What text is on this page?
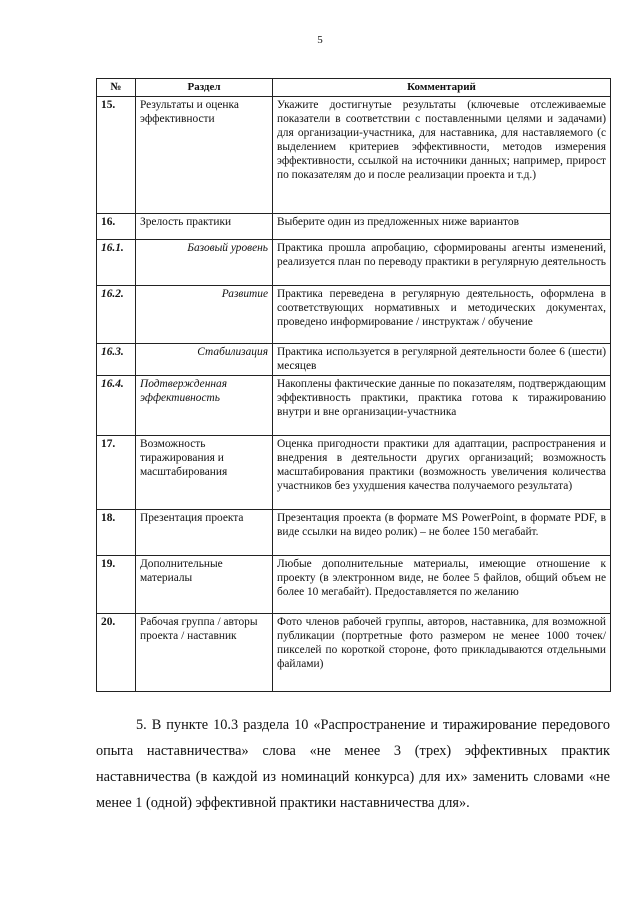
5
№	Раздел	Комментарий
15.	Результаты и оценка эффективности	Укажите достигнутые результаты (ключевые отслеживаемые показатели в соответствии с поставленными целями и задачами) для организации-участника, для наставника, для наставляемого (с выделением критериев эффективности, методов измерения эффективности, ссылкой на источники данных; например, прирост по показателям до и после реализации проекта и т.д.)
16.	Зрелость практики	Выберите один из предложенных ниже вариантов
16.1.	Базовый уровень	Практика прошла апробацию, сформированы агенты изменений, реализуется план по переводу практики в регулярную деятельность
16.2.	Развитие	Практика переведена в регулярную деятельность, оформлена в соответствующих нормативных и методических документах, проведено информирование / инструктаж / обучение
16.3.	Стабилизация	Практика используется в регулярной деятельности более 6 (шести) месяцев
16.4.	Подтвержденная эффективность	Накоплены фактические данные по показателям, подтверждающим эффективность практики, практика готова к тиражированию внутри и вне организации-участника
17.	Возможность тиражирования и масштабирования	Оценка пригодности практики для адаптации, распространения и внедрения в деятельности других организаций; возможность масштабирования практики (возможность увеличения количества участников без ухудшения качества получаемого результата)
18.	Презентация проекта	Презентация проекта (в формате MS PowerPoint, в формате PDF, в виде ссылки на видео ролик) – не более 150 мегабайт.
19.	Дополнительные материалы	Любые дополнительные материалы, имеющие отношение к проекту (в электронном виде, не более 5 файлов, общий объем не более 10 мегабайт). Предоставляется по желанию
20.	Рабочая группа / авторы проекта / наставник	Фото членов рабочей группы, авторов, наставника, для возможной публикации (портретные фото размером не менее 1000 точек/пикселей по короткой стороне, фото прикладываются отдельными файлами)
5. В пункте 10.3 раздела 10 «Распространение и тиражирование передового опыта наставничества» слова «не менее 3 (трех) эффективных практик наставничества (в каждой из номинаций конкурса) для их» заменить словами «не менее 1 (одной) эффективной практики наставничества для».
